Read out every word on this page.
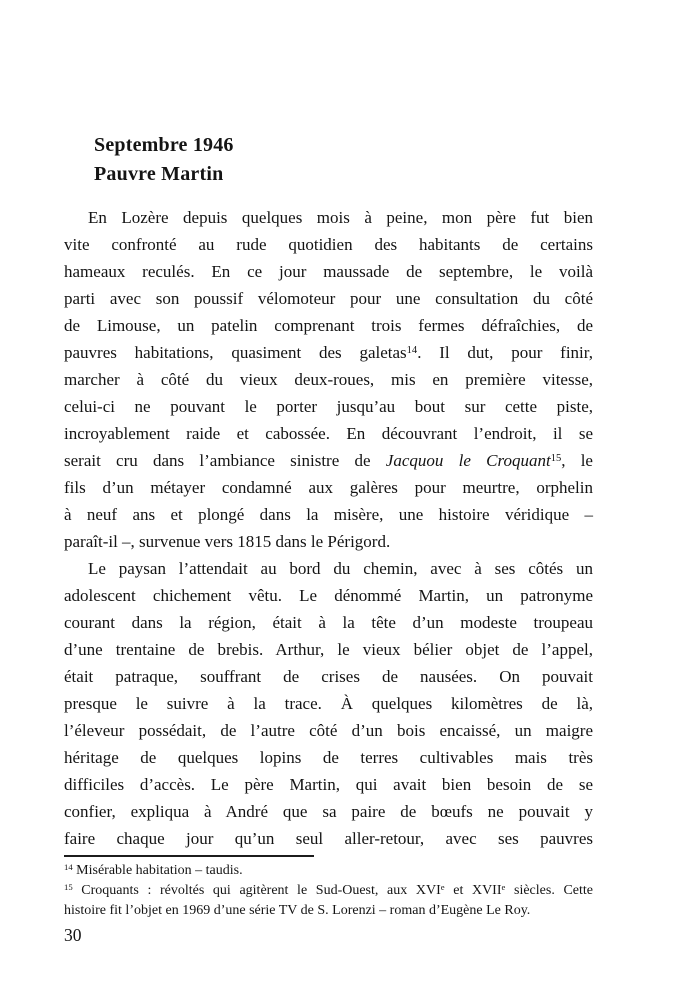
Septembre 1946
Pauvre Martin
En Lozère depuis quelques mois à peine, mon père fut bien
vite confronté au rude quotidien des habitants de certains
hameaux reculés. En ce jour maussade de septembre, le voilà
parti avec son poussif vélomoteur pour une consultation du côté
de Limouse, un patelin comprenant trois fermes défraîchies, de
pauvres habitations, quasiment des galetas$^{14}$. Il dut, pour finir,
marcher à côté du vieux deux-roues, mis en première vitesse,
celui-ci ne pouvant le porter jusqu’au bout sur cette piste,
incroyablement raide et cabossée. En découvrant l’endroit, il se
serait cru dans l’ambiance sinistre de Jacquou le Croquant$^{15}$, le
fils d’un métayer condamné aux galères pour meurtre, orphelin
à neuf ans et plongé dans la misère, une histoire véridique –
paraît-il –, survenue vers 1815 dans le Périgord.
Le paysan l’attendait au bord du chemin, avec à ses côtés un
adolescent chichement vêtu. Le dénommé Martin, un patronyme
courant dans la région, était à la tête d’un modeste troupeau
d’une trentaine de brebis. Arthur, le vieux bélier objet de l’appel,
était patraque, souffrant de crises de nausées. On pouvait
presque le suivre à la trace. À quelques kilomètres de là,
l’éleveur possédait, de l’autre côté d’un bois encaissé, un maigre
héritage de quelques lopins de terres cultivables mais très
difficiles d’accès. Le père Martin, qui avait bien besoin de se
confier, expliqua à André que sa paire de bœufs ne pouvait y
faire chaque jour qu’un seul aller-retour, avec ses pauvres
$^{14}$ Misérable habitation – taudis.
$^{15}$ Croquants : révoltés qui agitèrent le Sud-Ouest, aux XVIe et XVIIe siècles. Cette
histoire fit l’objet en 1969 d’une série TV de S. Lorenzi – roman d’Eugène Le Roy.
30
